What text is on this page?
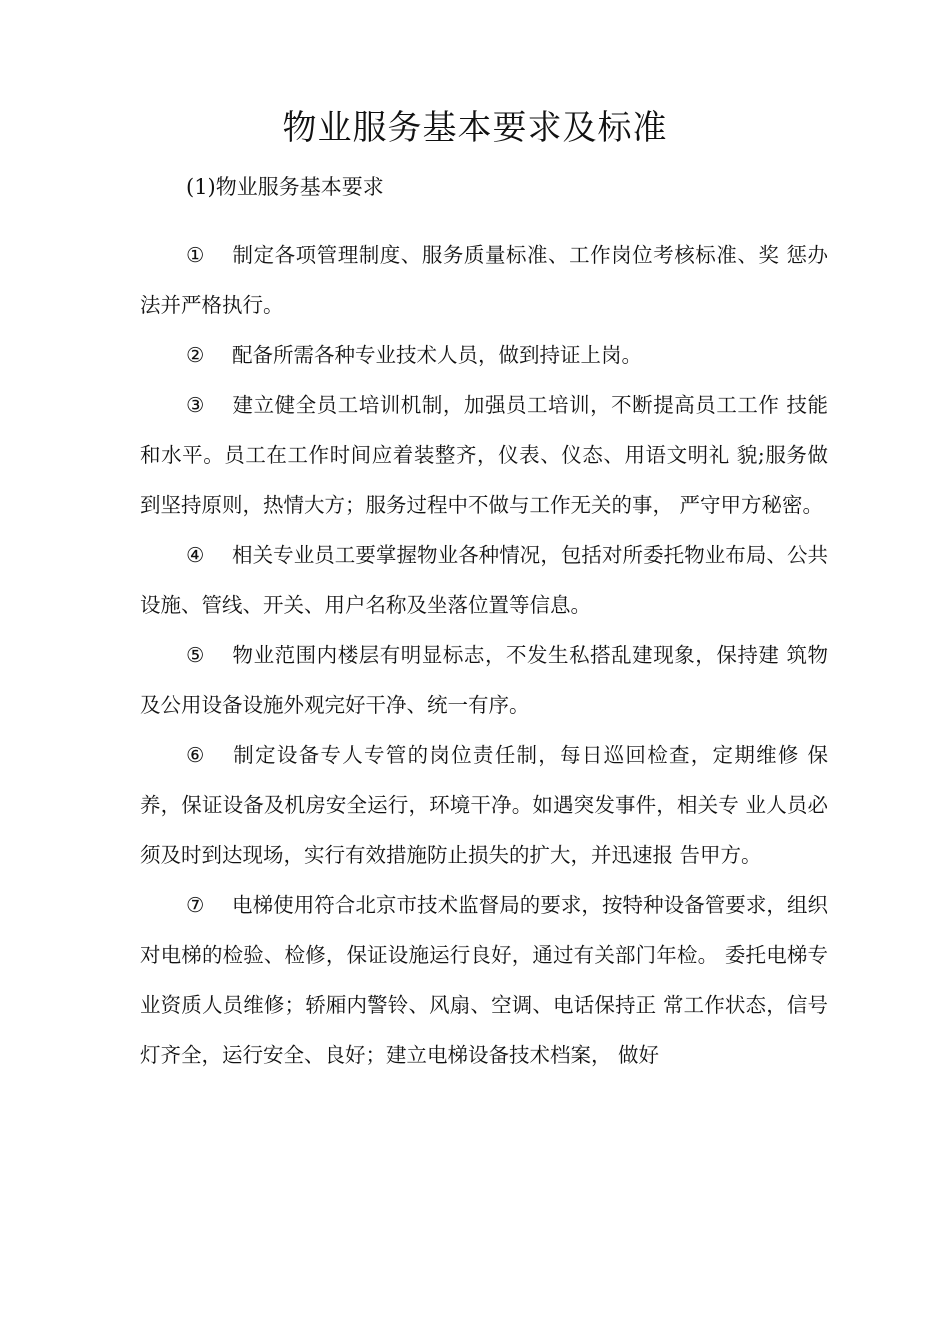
物业服务基本要求及标准

(1)物业服务基本要求

① 制定各项管理制度、服务质量标准、工作岗位考核标准、奖 惩办法并严格执行。

② 配备所需各种专业技术人员，做到持证上岗。

③ 建立健全员工培训机制，加强员工培训，不断提高员工工作 技能和水平。员工在工作时间应着装整齐，仪表、仪态、用语文明礼 貌;服务做到坚持原则，热情大方；服务过程中不做与工作无关的事， 严守甲方秘密。

④ 相关专业员工要掌握物业各种情况，包括对所委托物业布局、公共设施、管线、开关、用户名称及坐落位置等信息。

⑤ 物业范围内楼层有明显标志，不发生私搭乱建现象，保持建 筑物及公用设备设施外观完好干净、统一有序。

⑥ 制定设备专人专管的岗位责任制，每日巡回检查，定期维修 保养，保证设备及机房安全运行，环境干净。如遇突发事件，相关专 业人员必须及时到达现场，实行有效措施防止损失的扩大，并迅速报 告甲方。

⑦ 电梯使用符合北京市技术监督局的要求，按特种设备管要求，组织对电梯的检验、检修，保证设施运行良好，通过有关部门年检。 委托电梯专业资质人员维修；轿厢内警铃、风扇、空调、电话保持正 常工作状态，信号灯齐全，运行安全、良好；建立电梯设备技术档案， 做好
